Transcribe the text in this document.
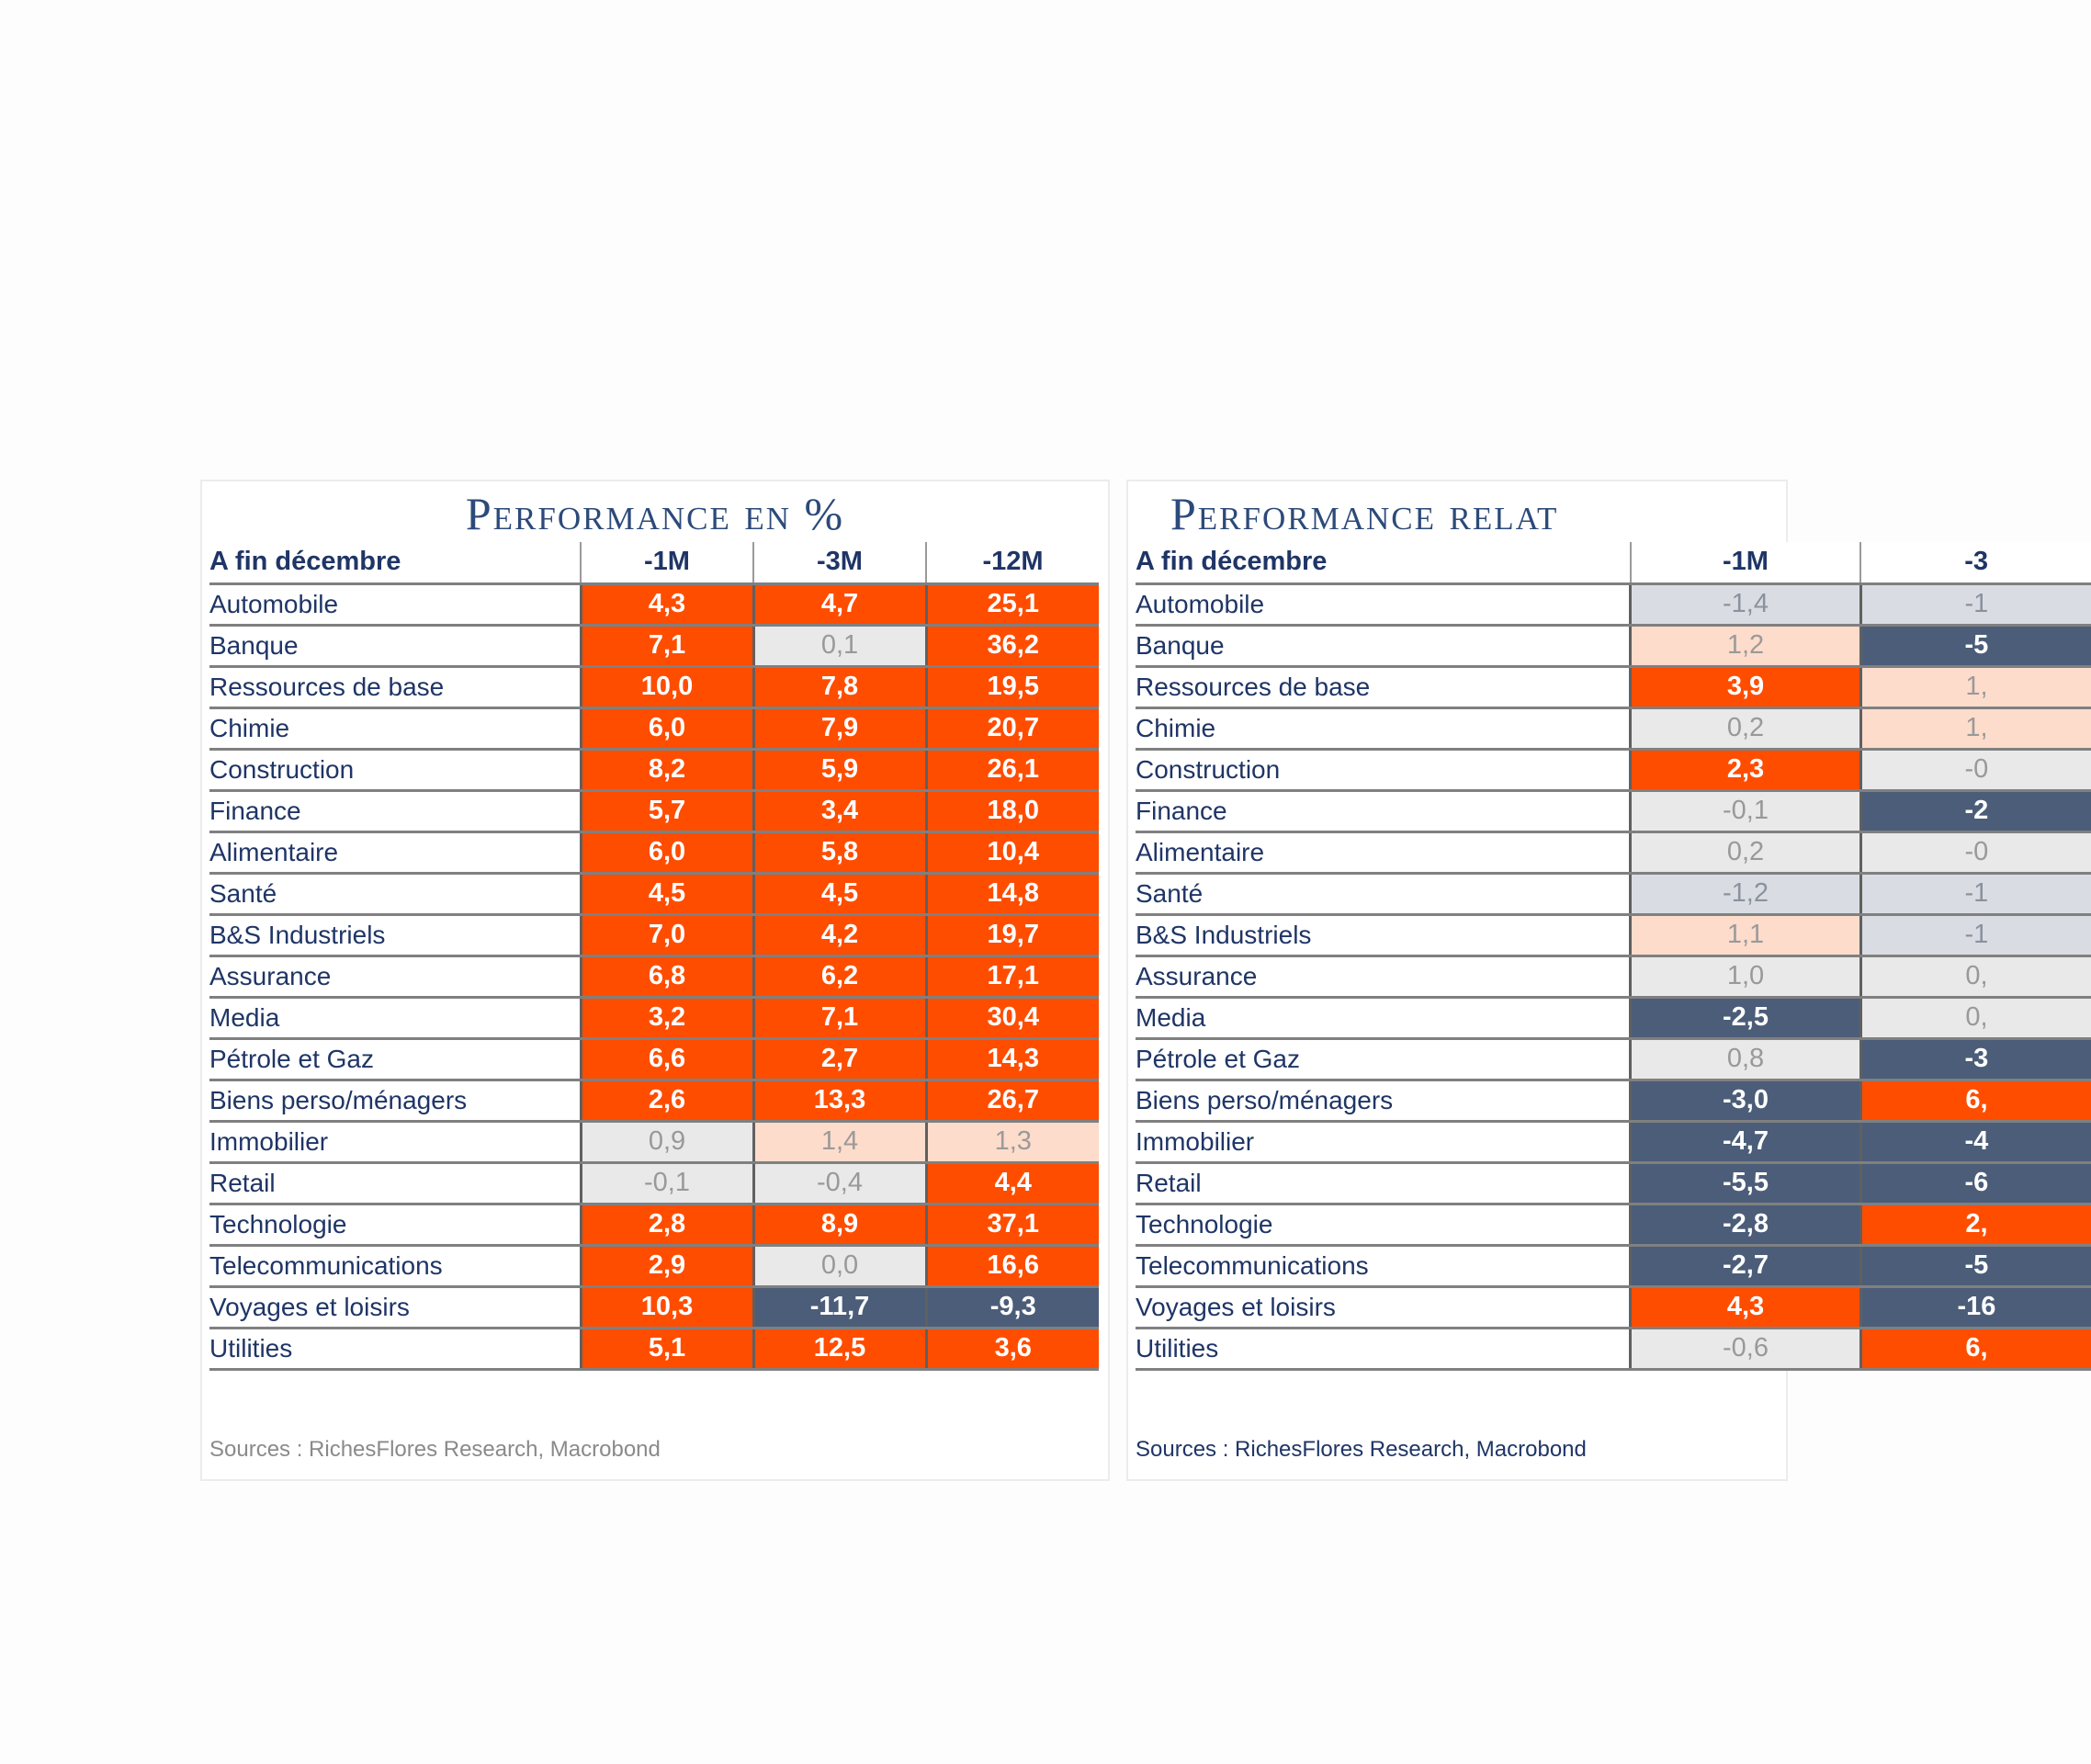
Performance en %
A fin décembre	-1M	-3M	-12M
Automobile	4,3	4,7	25,1
Banque	7,1	0,1	36,2
Ressources de base	10,0	7,8	19,5
Chimie	6,0	7,9	20,7
Construction	8,2	5,9	26,1
Finance	5,7	3,4	18,0
Alimentaire	6,0	5,8	10,4
Santé	4,5	4,5	14,8
B&S Industriels	7,0	4,2	19,7
Assurance	6,8	6,2	17,1
Media	3,2	7,1	30,4
Pétrole et Gaz	6,6	2,7	14,3
Biens perso/ménagers	2,6	13,3	26,7
Immobilier	0,9	1,4	1,3
Retail	-0,1	-0,4	4,4
Technologie	2,8	8,9	37,1
Telecommunications	2,9	0,0	16,6
Voyages et loisirs	10,3	-11,7	-9,3
Utilities	5,1	12,5	3,6
Sources : RichesFlores Research, Macrobond
Performance relat
A fin décembre	-1M	-3
Automobile	-1,4	-1
Banque	1,2	-5
Ressources de base	3,9	1,
Chimie	0,2	1,
Construction	2,3	-0
Finance	-0,1	-2
Alimentaire	0,2	-0
Santé	-1,2	-1
B&S Industriels	1,1	-1
Assurance	1,0	0,
Media	-2,5	0,
Pétrole et Gaz	0,8	-3
Biens perso/ménagers	-3,0	6,
Immobilier	-4,7	-4
Retail	-5,5	-6
Technologie	-2,8	2,
Telecommunications	-2,7	-5
Voyages et loisirs	4,3	-16
Utilities	-0,6	6,
Sources : RichesFlores Research, Macrobond
